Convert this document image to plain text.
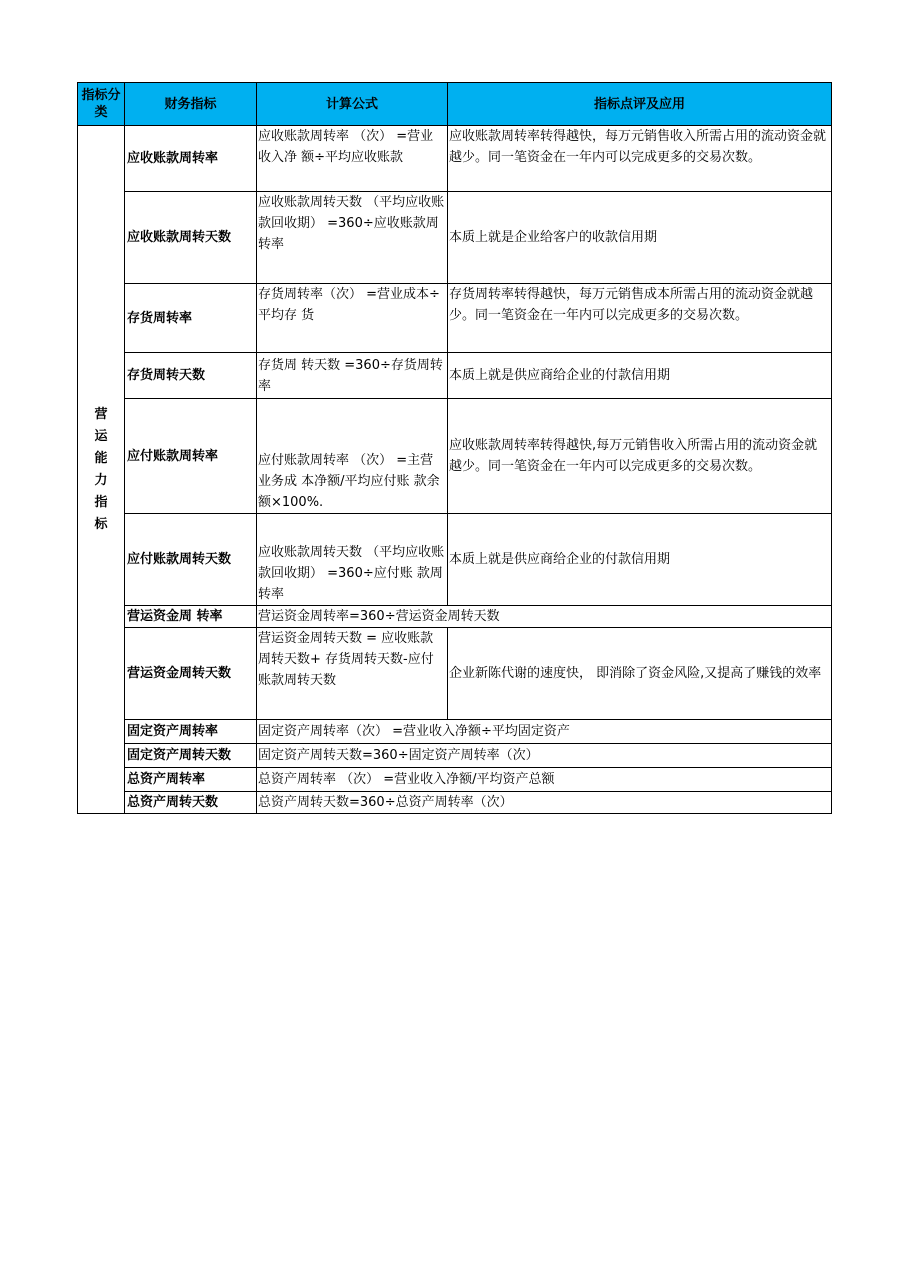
指标分类	财务指标	计算公式	指标点评及应用
营运能力指标	应收账款周转率	应收账款周转率 （次） =营业收入净 额÷平均应收账款	应收账款周转率转得越快，每万元销售收入所需占用的流动资金就越少。同一笔资金在一年内可以完成更多的交易次数。
	应收账款周转天数	应收账款周转天数 （平均应收账款回收期） =360÷应收账款周转率	本质上就是企业给客户的收款信用期
	存货周转率	存货周转率（次） =营业成本÷平均存 货	存货周转率转得越快，每万元销售成本所需占用的流动资金就越少。同一笔资金在一年内可以完成更多的交易次数。
	存货周转天数	存货周 转天数 =360÷存货周转率	本质上就是供应商给企业的付款信用期
	应付账款周转率	应付账款周转率 （次） =主营业务成 本净额/平均应付账 款余额×100%.	应收账款周转率转得越快,每万元销售收入所需占用的流动资金就越少。同一笔资金在一年内可以完成更多的交易次数。
	应付账款周转天数	应收账款周转天数 （平均应收账款回收期） =360÷应付账 款周转率	本质上就是供应商给企业的付款信用期
	营运资金周 转率	营运资金周转率=360÷营运资金周转天数	
	营运资金周转天数	营运资金周转天数 = 应收账款周转天数+ 存货周转天数-应付账款周转天数	企业新陈代谢的速度快， 即消除了资金风险,又提高了赚钱的效率
	固定资产周转率	固定资产周转率（次） =营业收入净额÷平均固定资产	
	固定资产周转天数	固定资产周转天数=360÷固定资产周转率（次）	
	总资产周转率	总资产周转率 （次） =营业收入净额/平均资产总额	
	总资产周转天数	总资产周转天数=360÷总资产周转率（次）	
